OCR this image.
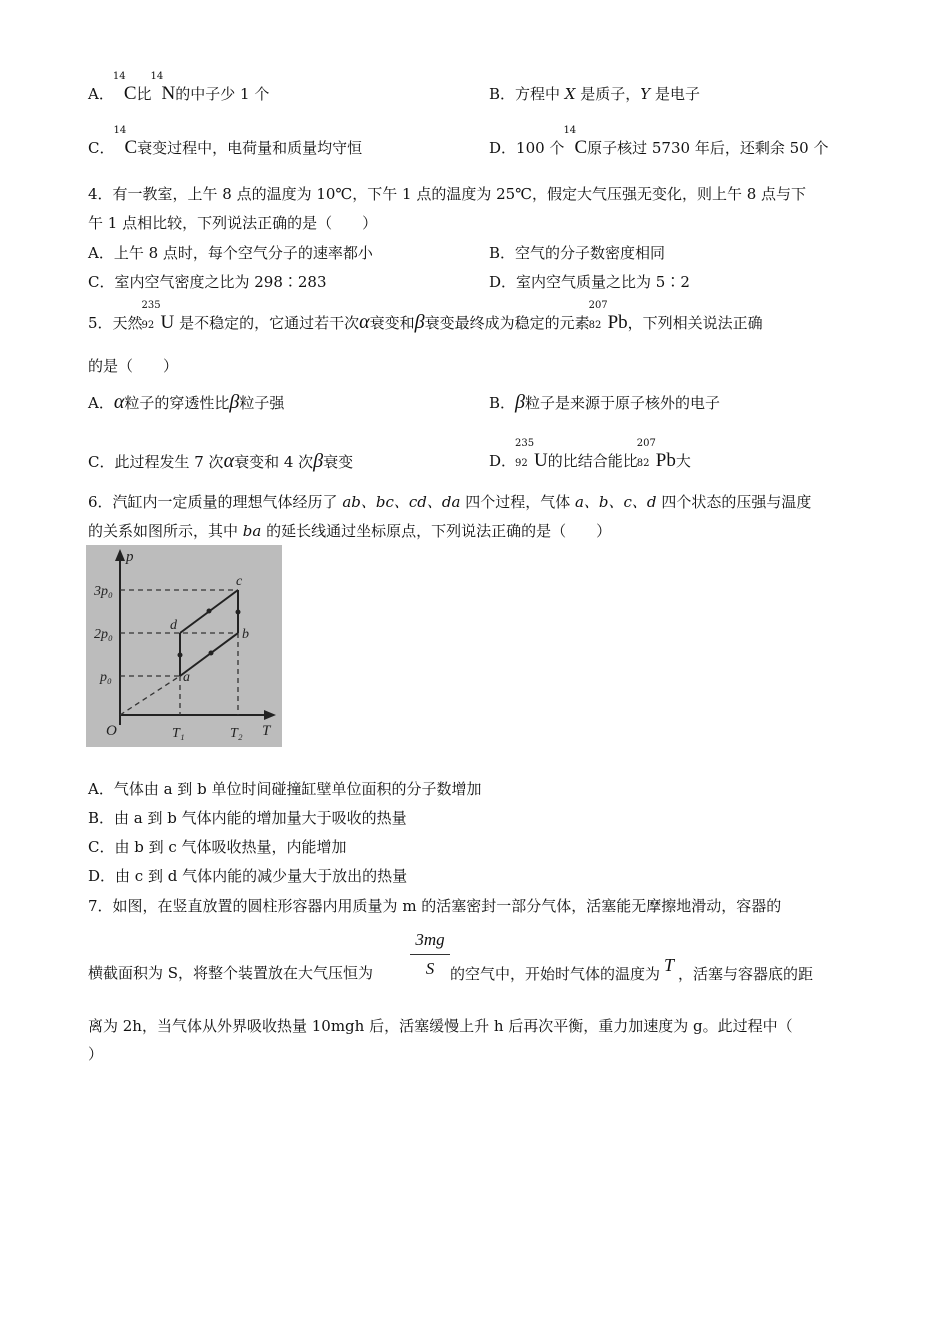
A．
14
C比
14
N的中子少 1 个	B．方程中 X 是质子，Y 是电子
C．
14
C衰变过程中，电荷量和质量均守恒	D．100 个
14
C原子核过 5730 年后，还剩余 50 个
4．有一教室，上午 8 点的温度为 10℃，下午 1 点的温度为 25℃，假定大气压强无变化，则上午 8 点与下
午 1 点相比较，下列说法正确的是（　　）
A．上午 8 点时，每个空气分子的速率都小	B．空气的分子数密度相同
C．室内空气密度之比为 298∶283	D．室内空气质量之比为 5∶2
5．天然
235
92 U 是不稳定的，它通过若干次α衰变和β衰变最终成为稳定的元素
207
82 Pb，下列相关说法正确
的是（　　）
A．α粒子的穿透性比β粒子强	B．β粒子是来源于原子核外的电子
C．此过程发生 7 次α衰变和 4 次β衰变	D．
235
92 U的比结合能比
207
82 Pb大
6．汽缸内一定质量的理想气体经历了 ab、bc、cd、da 四个过程，气体 a、b、c、d 四个状态的压强与温度
的关系如图所示，其中 ba 的延长线通过坐标原点，下列说法正确的是（　　）
3p₀
2p₀
p₀
p
T
O	T₁	T₂
a
b
c
d
A．气体由 a 到 b 单位时间碰撞缸壁单位面积的分子数增加
B．由 a 到 b 气体内能的增加量大于吸收的热量
C．由 b 到 c 气体吸收热量，内能增加
D．由 c 到 d 气体内能的减少量大于放出的热量
7．如图，在竖直放置的圆柱形容器内用质量为 m 的活塞密封一部分气体，活塞能无摩擦地滑动，容器的
$\frac{3mg}{S}$
横截面积为 S，将整个装置放在大气压恒为	的空气中，开始时气体的温度为 T ，活塞与容器底的距
离为 2h，当气体从外界吸收热量 10mgh 后，活塞缓慢上升 h 后再次平衡，重力加速度为 g。此过程中（
）
